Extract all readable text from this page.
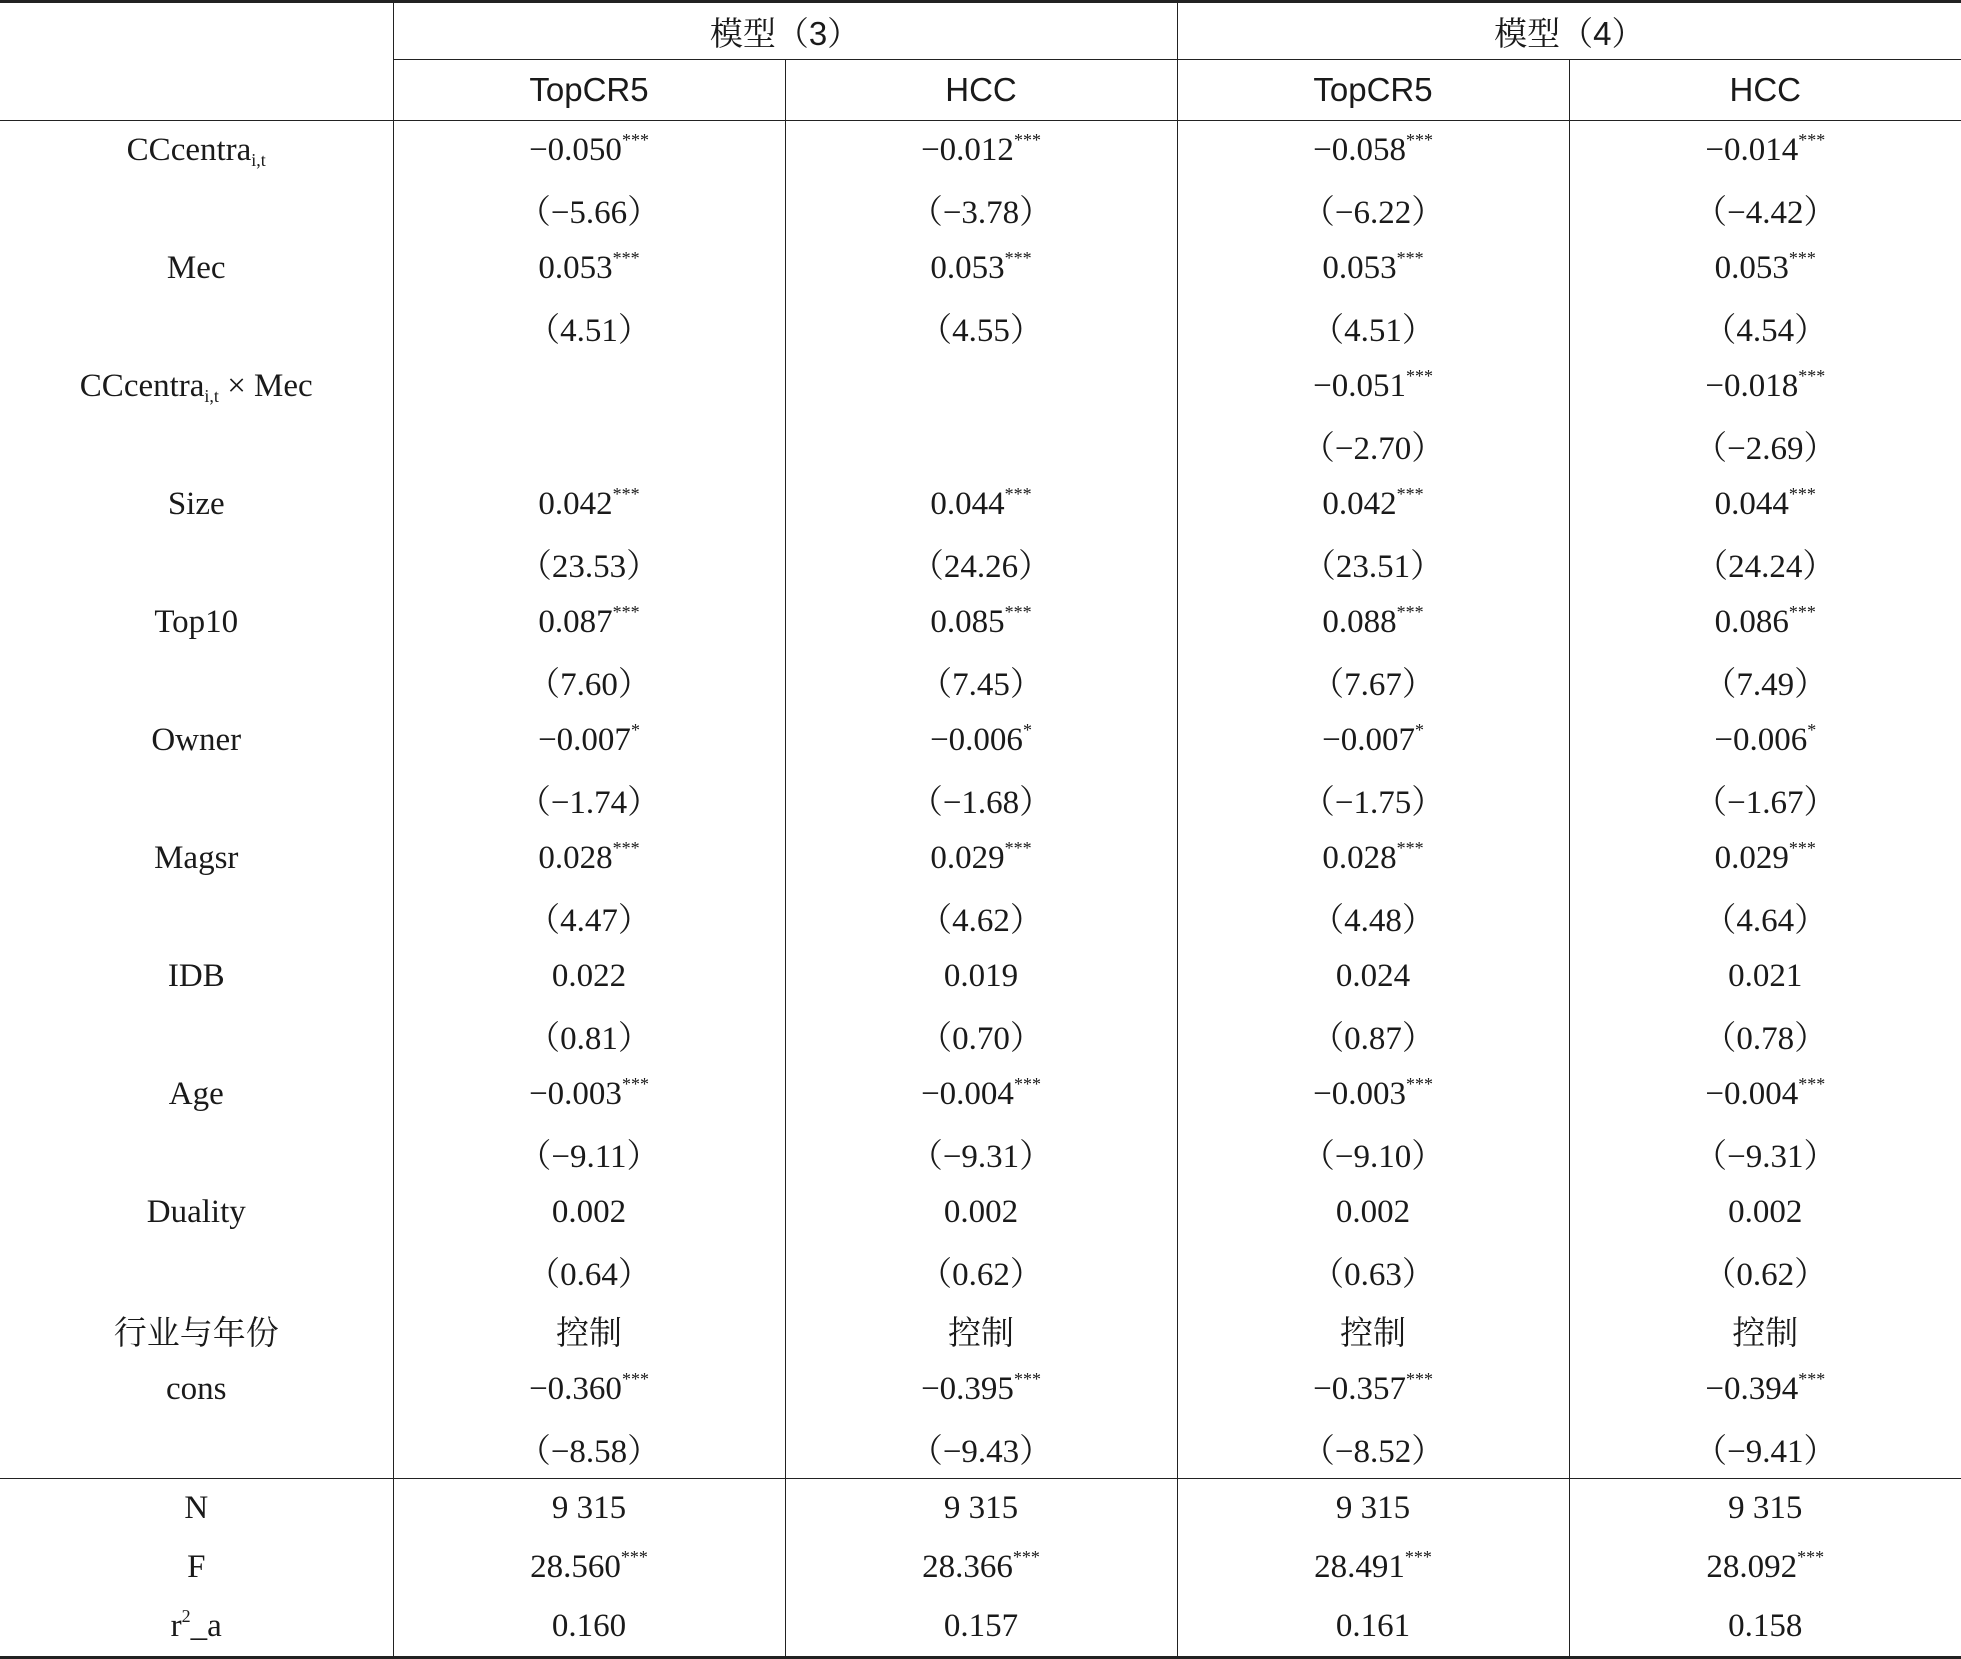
	模型（3）		模型（4）	
	TopCR5	HCC	TopCR5	HCC
CCcentra$_{i,t}$	−0.050***	−0.012***	−0.058***	−0.014***
	（−5.66）	（−3.78）	（−6.22）	（−4.42）
Mec	0.053***	0.053***	0.053***	0.053***
	（4.51）	（4.55）	（4.51）	（4.54）
CCcentra$_{i,t}$ × Mec			−0.051***	−0.018***
			（−2.70）	（−2.69）
Size	0.042***	0.044***	0.042***	0.044***
	（23.53）	（24.26）	（23.51）	（24.24）
Top10	0.087***	0.085***	0.088***	0.086***
	（7.60）	（7.45）	（7.67）	（7.49）
Owner	−0.007*	−0.006*	−0.007*	−0.006*
	（−1.74）	（−1.68）	（−1.75）	（−1.67）
Magsr	0.028***	0.029***	0.028***	0.029***
	（4.47）	（4.62）	（4.48）	（4.64）
IDB	0.022	0.019	0.024	0.021
	（0.81）	（0.70）	（0.87）	（0.78）
Age	−0.003***	−0.004***	−0.003***	−0.004***
	（−9.11）	（−9.31）	（−9.10）	（−9.31）
Duality	0.002	0.002	0.002	0.002
	（0.64）	（0.62）	（0.63）	（0.62）
行业与年份	控制	控制	控制	控制
cons	−0.360***	−0.395***	−0.357***	−0.394***
	（−8.58）	（−9.43）	（−8.52）	（−9.41）
N	9 315	9 315	9 315	9 315
F	28.560***	28.366***	28.491***	28.092***
$r^2\_a$	0.160	0.157	0.161	0.158
